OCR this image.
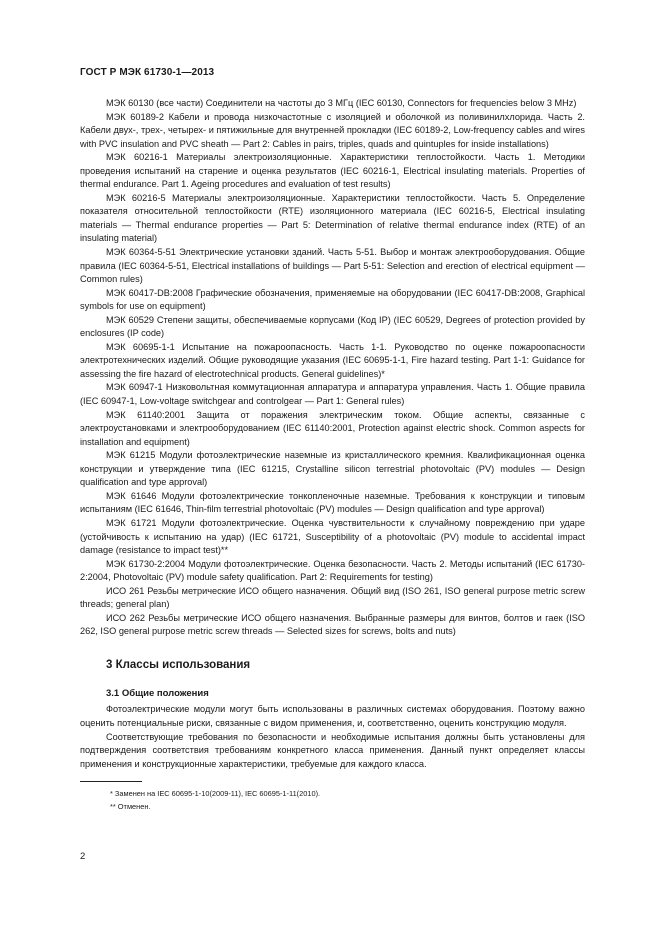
ГОСТ Р МЭК 61730-1—2013

МЭК 60130 (все части) Соединители на частоты до 3 МГц (IEC 60130, Connectors for frequencies below 3 MHz)

МЭК 60189-2 Кабели и провода низкочастотные с изоляцией и оболочкой из поливинилхлорида. Часть 2. Кабели двух-, трех-, четырех- и пятижильные для внутренней прокладки (IEC 60189-2, Low-frequency cables and wires with PVC insulation and PVC sheath — Part 2: Cables in pairs, triples, quads and quintuples for inside installations)

МЭК 60216-1 Материалы электроизоляционные. Характеристики теплостойкости. Часть 1. Методики проведения испытаний на старение и оценка результатов (IEC 60216-1, Electrical insulating materials. Properties of thermal endurance. Part 1. Ageing procedures and evaluation of test results)

МЭК 60216-5 Материалы электроизоляционные. Характеристики теплостойкости. Часть 5. Определение показателя относительной теплостойкости (RTE) изоляционного материала (IEC 60216-5, Electrical insulating materials — Thermal endurance properties — Part 5: Determination of relative thermal endurance index (RTE) of an insulating material)

МЭК 60364-5-51 Электрические установки зданий. Часть 5-51. Выбор и монтаж электрооборудования. Общие правила (IEC 60364-5-51, Electrical installations of buildings — Part 5-51: Selection and erection of electrical equipment — Common rules)

МЭК 60417-DB:2008 Графические обозначения, применяемые на оборудовании (IEC 60417-DB:2008, Graphical symbols for use on equipment)

МЭК 60529 Степени защиты, обеспечиваемые корпусами (Код IP) (IEC 60529, Degrees of protection provided by enclosures (IP code)

МЭК 60695-1-1 Испытание на пожароопасность. Часть 1-1. Руководство по оценке пожароопасности электротехнических изделий. Общие руководящие указания (IEC 60695-1-1, Fire hazard testing. Part 1-1: Guidance for assessing the fire hazard of electrotechnical products. General guidelines)*

МЭК 60947-1 Низковольтная коммутационная аппаратура и аппаратура управления. Часть 1. Общие правила (IEC 60947-1, Low-voltage switchgear and controlgear — Part 1: General rules)

МЭК 61140:2001 Защита от поражения электрическим током. Общие аспекты, связанные с электроустановками и электрооборудованием (IEC 61140:2001, Protection against electric shock. Common aspects for installation and equipment)

МЭК 61215 Модули фотоэлектрические наземные из кристаллического кремния. Квалификационная оценка конструкции и утверждение типа (IEC 61215, Crystalline silicon terrestrial photovoltaic (PV) modules — Design qualification and type approval)

МЭК 61646 Модули фотоэлектрические тонкопленочные наземные. Требования к конструкции и типовым испытаниям (IEC 61646, Thin-film terrestrial photovoltaic (PV) modules — Design qualification and type approval)

МЭК 61721 Модули фотоэлектрические. Оценка чувствительности к случайному повреждению при ударе (устойчивость к испытанию на удар) (IEC 61721, Susceptibility of a photovoltaic (PV) module to accidental impact damage (resistance to impact test)**

МЭК 61730-2:2004 Модули фотоэлектрические. Оценка безопасности. Часть 2. Методы испытаний (IEC 61730-2:2004, Photovoltaic (PV) module safety qualification. Part 2: Requirements for testing)

ИСО 261 Резьбы метрические ИСО общего назначения. Общий вид (ISO 261, ISO general purpose metric screw threads; general plan)

ИСО 262 Резьбы метрические ИСО общего назначения. Выбранные размеры для винтов, болтов и гаек (ISO 262, ISO general purpose metric screw threads — Selected sizes for screws, bolts and nuts)

3 Классы использования

3.1 Общие положения

Фотоэлектрические модули могут быть использованы в различных системах оборудования. Поэтому важно оценить потенциальные риски, связанные с видом применения, и, соответственно, оценить конструкцию модуля.

Соответствующие требования по безопасности и необходимые испытания должны быть установлены для подтверждения соответствия требованиям конкретного класса применения. Данный пункт определяет классы применения и конструкционные характеристики, требуемые для каждого класса.

* Заменен на IEC 60695-1-10(2009-11), IEC 60695-1-11(2010).

** Отменен.

2
